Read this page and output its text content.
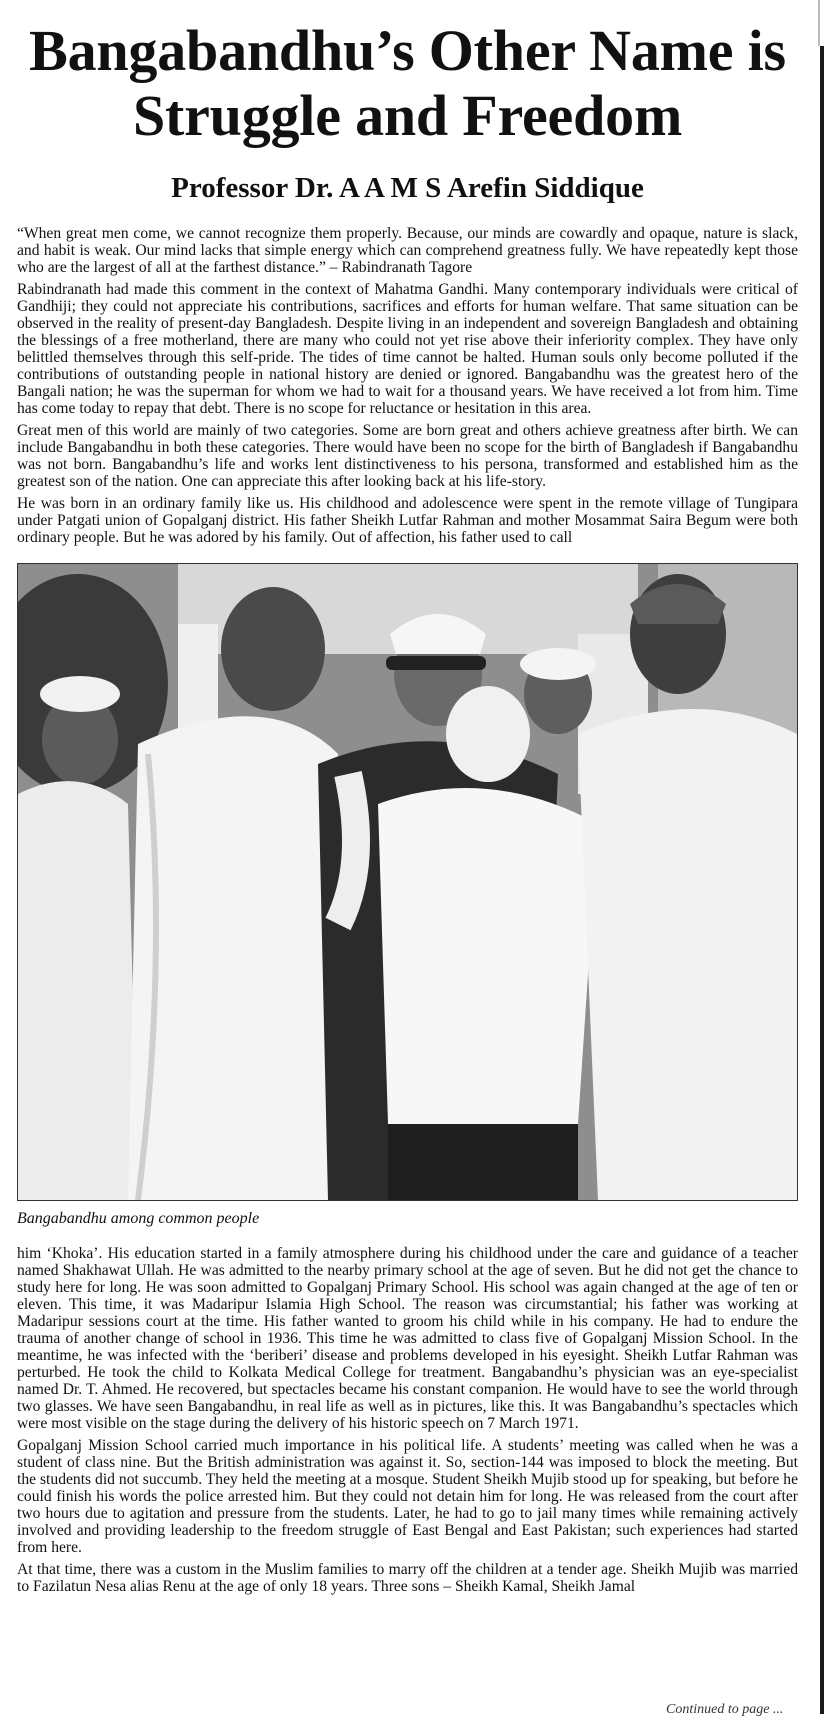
Bangabandhu’s Other Name is
Struggle and Freedom
Professor Dr. A A M S Arefin Siddique

“When great men come, we cannot recognize them properly. Because, our minds are cowardly and opaque, nature is slack, and habit is weak. Our mind lacks that simple energy which can comprehend greatness fully. We have repeatedly kept those who are the largest of all at the farthest distance.” – Rabindranath Tagore

Rabindranath had made this comment in the context of Mahatma Gandhi. Many contemporary individuals were critical of Gandhiji; they could not appreciate his contributions, sacrifices and efforts for human welfare. That same situation can be observed in the reality of present-day Bangladesh. Despite living in an independent and sovereign Bangladesh and obtaining the blessings of a free motherland, there are many who could not yet rise above their inferiority complex. They have only belittled themselves through this self-pride. The tides of time cannot be halted. Human souls only become polluted if the contributions of outstanding people in national history are denied or ignored. Bangabandhu was the greatest hero of the Bangali nation; he was the superman for whom we had to wait for a thousand years. We have received a lot from him. Time has come today to repay that debt. There is no scope for reluctance or hesitation in this area.

Great men of this world are mainly of two categories. Some are born great and others achieve greatness after birth. We can include Bangabandhu in both these categories. There would have been no scope for the birth of Bangladesh if Bangabandhu was not born. Bangabandhu’s life and works lent distinctiveness to his persona, transformed and established him as the greatest son of the nation. One can appreciate this after looking back at his life-story.

He was born in an ordinary family like us. His childhood and adolescence were spent in the remote village of Tungipara under Patgati union of Gopalganj district. His father Sheikh Lutfar Rahman and mother Mosammat Saira Begum were both ordinary people. But he was adored by his family. Out of affection, his father used to call

Bangabandhu among common people

him ‘Khoka’. His education started in a family atmosphere during his childhood under the care and guidance of a teacher named Shakhawat Ullah. He was admitted to the nearby primary school at the age of seven. But he did not get the chance to study here for long. He was soon admitted to Gopalganj Primary School. His school was again changed at the age of ten or eleven. This time, it was Madaripur Islamia High School. The reason was circumstantial; his father was working at Madaripur sessions court at the time. His father wanted to groom his child while in his company. He had to endure the trauma of another change of school in 1936. This time he was admitted to class five of Gopalganj Mission School. In the meantime, he was infected with the ‘beriberi’ disease and problems developed in his eyesight. Sheikh Lutfar Rahman was perturbed. He took the child to Kolkata Medical College for treatment. Bangabandhu’s physician was an eye-specialist named Dr. T. Ahmed. He recovered, but spectacles became his constant companion. He would have to see the world through two glasses. We have seen Bangabandhu, in real life as well as in pictures, like this. It was Bangabandhu’s spectacles which were most visible on the stage during the delivery of his historic speech on 7 March 1971.

Gopalganj Mission School carried much importance in his political life. A students’ meeting was called when he was a student of class nine. But the British administration was against it. So, section-144 was imposed to block the meeting. But the students did not succumb. They held the meeting at a mosque. Student Sheikh Mujib stood up for speaking, but before he could finish his words the police arrested him. But they could not detain him for long. He was released from the court after two hours due to agitation and pressure from the students. Later, he had to go to jail many times while remaining actively involved and providing leadership to the freedom struggle of East Bengal and East Pakistan; such experiences had started from here.

At that time, there was a custom in the Muslim families to marry off the children at a tender age. Sheikh Mujib was married to Fazilatun Nesa alias Renu at the age of only 18 years. Three sons – Sheikh Kamal, Sheikh Jamal

Continued to page ...
